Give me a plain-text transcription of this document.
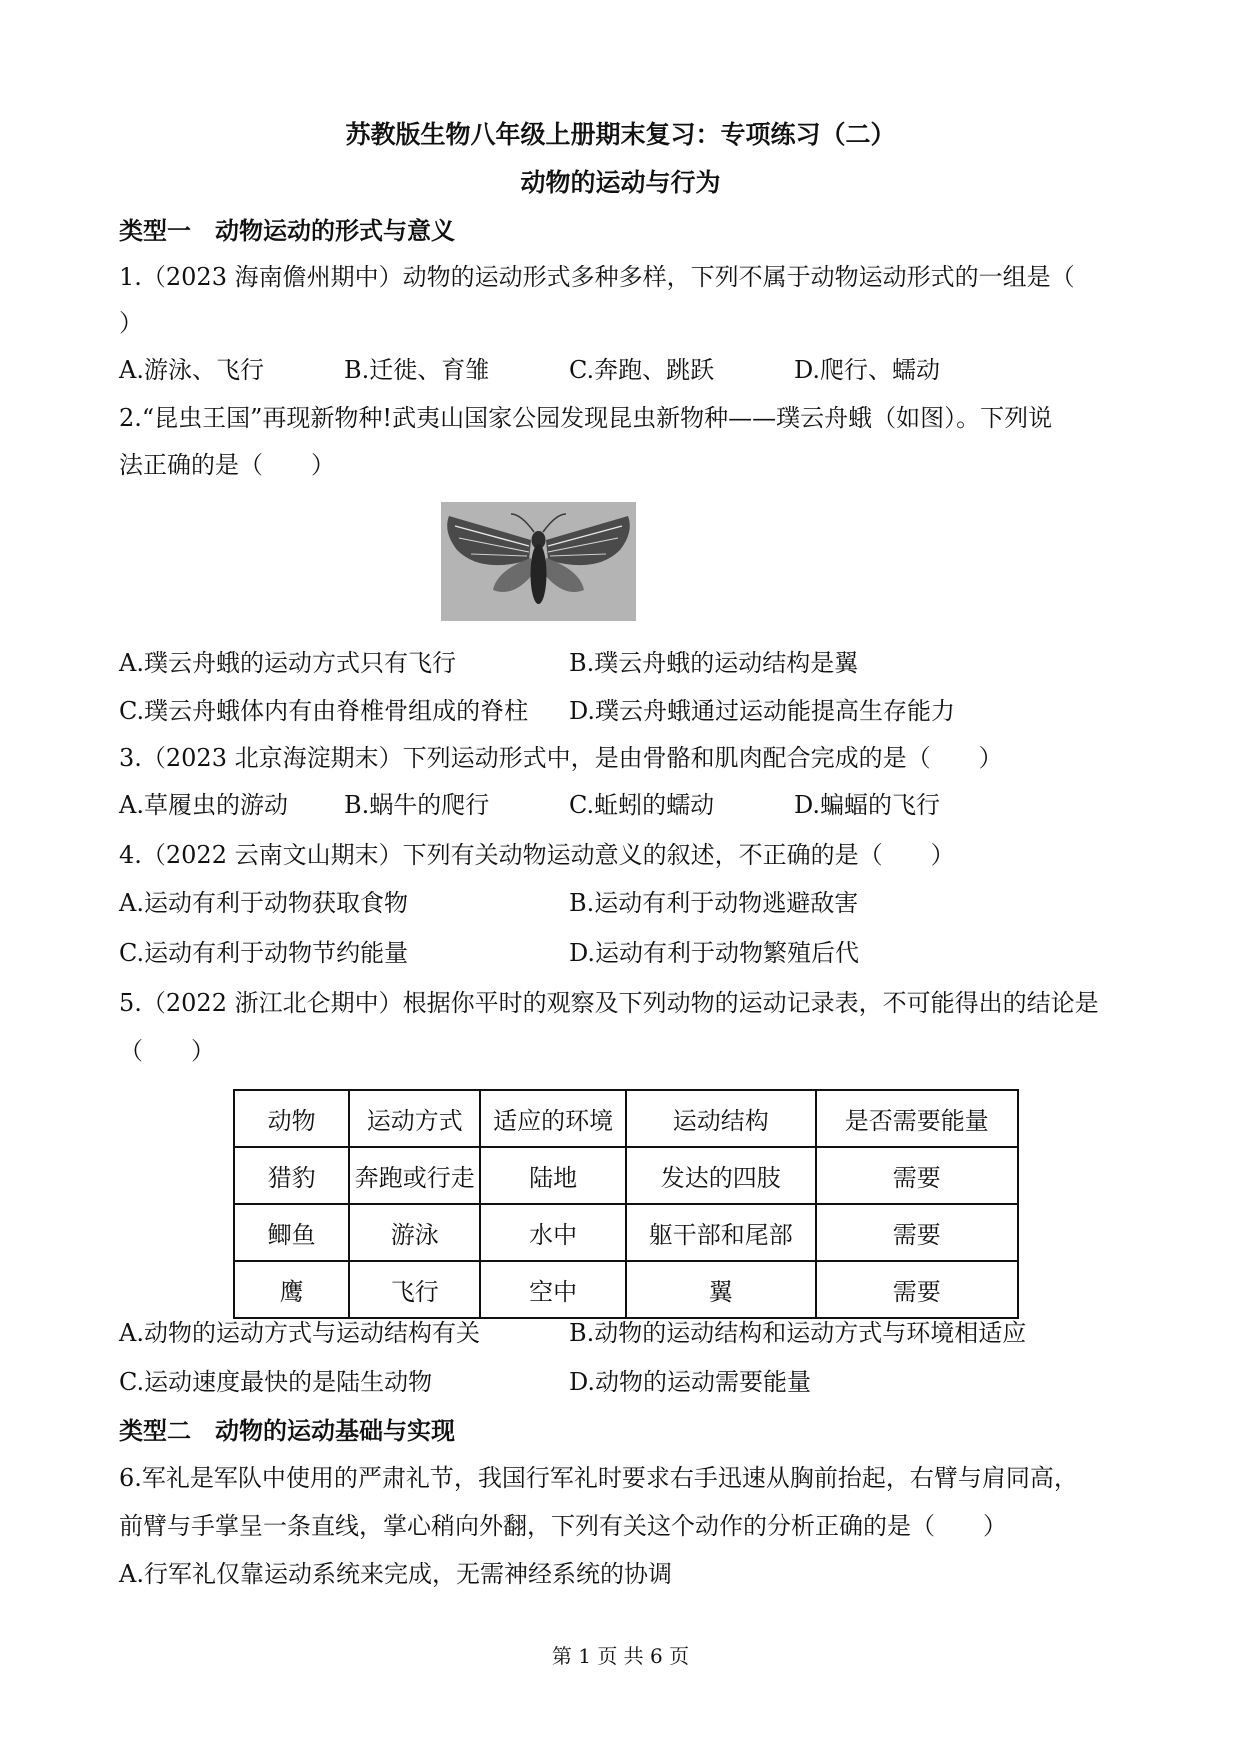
苏教版生物八年级上册期末复习：专项练习（二）
动物的运动与行为
类型一　动物运动的形式与意义
1.（2023 海南儋州期中）动物的运动形式多种多样，下列不属于动物运动形式的一组是（
）
A.游泳、飞行	B.迁徙、育雏	C.奔跑、跳跃	D.爬行、蠕动
2.“昆虫王国”再现新物种!武夷山国家公园发现昆虫新物种——璞云舟蛾（如图）。下列说
法正确的是（　　）
A.璞云舟蛾的运动方式只有飞行	B.璞云舟蛾的运动结构是翼
C.璞云舟蛾体内有由脊椎骨组成的脊柱 D.璞云舟蛾通过运动能提高生存能力
3.（2023 北京海淀期末）下列运动形式中，是由骨骼和肌肉配合完成的是（　　）
A.草履虫的游动 B.蜗牛的爬行	C.蚯蚓的蠕动	D.蝙蝠的飞行
4.（2022 云南文山期末）下列有关动物运动意义的叙述，不正确的是（　　）
A.运动有利于动物获取食物	B.运动有利于动物逃避敌害
C.运动有利于动物节约能量	D.运动有利于动物繁殖后代
5.（2022 浙江北仑期中）根据你平时的观察及下列动物的运动记录表，不可能得出的结论是
（　　）
动物	运动方式	适应的环境	运动结构	是否需要能量
猎豹	奔跑或行走	陆地	发达的四肢	需要
鲫鱼	游泳	水中	躯干部和尾部	需要
鹰	飞行	空中	翼	需要
A.动物的运动方式与运动结构有关	B.动物的运动结构和运动方式与环境相适应
C.运动速度最快的是陆生动物	D.动物的运动需要能量
类型二　动物的运动基础与实现
6.军礼是军队中使用的严肃礼节，我国行军礼时要求右手迅速从胸前抬起，右臂与肩同高，
前臂与手掌呈一条直线，掌心稍向外翻，下列有关这个动作的分析正确的是（　　）
A.行军礼仅靠运动系统来完成，无需神经系统的协调
第 1 页 共 6 页
